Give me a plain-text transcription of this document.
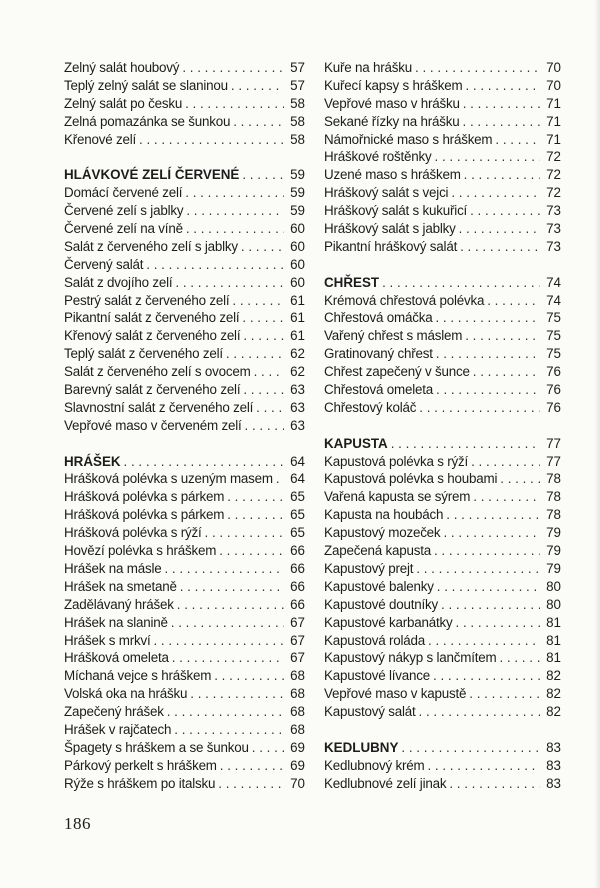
Zelný salát houbový . . .	57
Teplý zelný salát se slaninou . . .	57
Zelný salát po česku . . .	58
Zelná pomazánka se šunkou . . .	58
Křenové zelí . . .	58
HLÁVKOVÉ ZELÍ ČERVENÉ . . .	59
Domácí červené zelí . . .	59
Červené zelí s jablky . . .	59
Červené zelí na víně . . .	60
Salát z červeného zelí s jablky . . .	60
Červený salát . . .	60
Salát z dvojího zelí . . .	60
Pestrý salát z červeného zelí . . .	61
Pikantní salát z červeného zelí . . .	61
Křenový salát z červeného zelí . . .	61
Teplý salát z červeného zelí . . .	62
Salát z červeného zelí s ovocem . . .	62
Barevný salát z červeného zelí . . .	63
Slavnostní salát z červeného zelí . . .	63
Vepřové maso v červeném zelí . . .	63
HRÁŠEK . . .	64
Hrášková polévka s uzeným masem . . . 64
Hrášková polévka s párkem . . .	65
Hrášková polévka s párkem . . .	65
Hrášková polévka s rýží . . .	65
Hovězí polévka s hráškem . . .	66
Hrášek na másle . . .	66
Hrášek na smetaně . . .	66
Zadělávaný hrášek . . .	66
Hrášek na slanině . . .	67
Hrášek s mrkví . . .	67
Hrášková omeleta . . .	67
Míchaná vejce s hráškem . . .	68
Volská oka na hrášku . . .	68
Zapečený hrášek . . .	68
Hrášek v rajčatech . . .	68
Špagety s hráškem a se šunkou . . .	69
Párkový perkelt s hráškem . . .	69
Rýže s hráškem po italsku . . .	70
Kuře na hrášku . . .	70
Kuřecí kapsy s hráškem . . .	70
Vepřové maso v hrášku . . .	71
Sekané řízky na hrášku . . .	71
Námořnické maso s hráškem . . .	71
Hráškové roštěnky . . .	72
Uzené maso s hráškem . . .	72
Hráškový salát s vejci . . .	72
Hráškový salát s kukuřicí . . .	73
Hráškový salát s jablky . . .	73
Pikantní hráškový salát . . .	73
CHŘEST . . .	74
Krémová chřestová polévka . . .	74
Chřestová omáčka . . .	75
Vařený chřest s máslem . . .	75
Gratinovaný chřest . . .	75
Chřest zapečený v šunce . . .	76
Chřestová omeleta . . .	76
Chřestový koláč . . .	76
KAPUSTA . . .	77
Kapustová polévka s rýží . . .	77
Kapustová polévka s houbami . . .	78
Vařená kapusta se sýrem . . .	78
Kapusta na houbách . . .	78
Kapustový mozeček . . .	79
Zapečená kapusta . . .	79
Kapustový prejt . . .	79
Kapustové balenky . . .	80
Kapustové doutníky . . .	80
Kapustové karbanátky . . .	81
Kapustová roláda . . .	81
Kapustový nákyp s lančmítem . . .	81
Kapustové lívance . . .	82
Vepřové maso v kapustě . . .	82
Kapustový salát . . .	82
KEDLUBNY . . .	83
Kedlubnový krém . . .	83
Kedlubnové zelí jinak . . .	83
186
